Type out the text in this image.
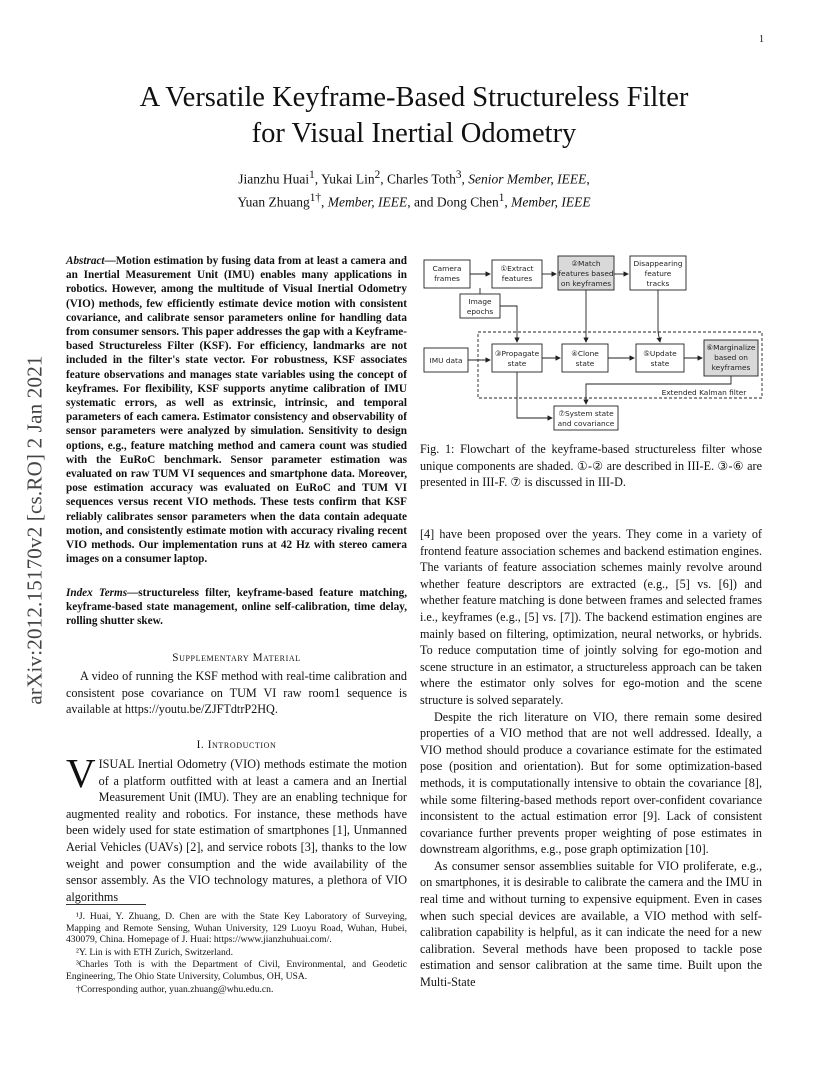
1
arXiv:2012.15170v2 [cs.RO] 2 Jan 2021
A Versatile Keyframe-Based Structureless Filter
for Visual Inertial Odometry
Jianzhu Huai$^1$, Yukai Lin$^2$, Charles Toth$^3$, Senior Member, IEEE,
Yuan Zhuang$^{1\dagger}$, Member, IEEE, and Dong Chen$^1$, Member, IEEE
Abstract—Motion estimation by fusing data from at least a camera and an Inertial Measurement Unit (IMU) enables many applications in robotics. However, among the multitude of Visual Inertial Odometry (VIO) methods, few efficiently estimate device motion with consistent covariance, and calibrate sensor parameters online for handling data from consumer sensors. This paper addresses the gap with a Keyframe-based Structureless Filter (KSF). For efficiency, landmarks are not included in the filter's state vector. For robustness, KSF associates feature observations and manages state variables using the concept of keyframes. For flexibility, KSF supports anytime calibration of IMU systematic errors, as well as extrinsic, intrinsic, and temporal parameters of each camera. Estimator consistency and observability of sensor parameters were analyzed by simulation. Sensitivity to design options, e.g., feature matching method and camera count was studied with the EuRoC benchmark. Sensor parameter estimation was evaluated on raw TUM VI sequences and smartphone data. Moreover, pose estimation accuracy was evaluated on EuRoC and TUM VI sequences versus recent VIO methods. These tests confirm that KSF reliably calibrates sensor parameters when the data contain adequate motion, and consistently estimate motion with accuracy rivaling recent VIO methods. Our implementation runs at 42 Hz with stereo camera images on a consumer laptop.
Index Terms—structureless filter, keyframe-based feature matching, keyframe-based state management, online self-calibration, time delay, rolling shutter skew.
Supplementary Material
A video of running the KSF method with real-time calibration and consistent pose covariance on TUM VI raw room1 sequence is available at https://youtu.be/ZJFTdtrP2HQ.
I. Introduction
VISUAL Inertial Odometry (VIO) methods estimate the motion of a platform outfitted with at least a camera and an Inertial Measurement Unit (IMU). They are an enabling technique for augmented reality and robotics. For instance, these methods have been widely used for state estimation of smartphones [1], Unmanned Aerial Vehicles (UAVs) [2], and service robots [3], thanks to the low weight and power consumption and the wide availability of the sensor assembly. As the VIO technology matures, a plethora of VIO algorithms

¹J. Huai, Y. Zhuang, D. Chen are with the State Key Laboratory of Surveying, Mapping and Remote Sensing, Wuhan University, 129 Luoyu Road, Wuhan, Hubei, 430079, China. Homepage of J. Huai: https://www.jianzhuhuai.com/.

²Y. Lin is with ETH Zurich, Switzerland.

³Charles Toth is with the Department of Civil, Environmental, and Geodetic Engineering, The Ohio State University, Columbus, OH, USA.

†Corresponding author, yuan.zhuang@whu.edu.cn.

Camera
frames
①Extract
features
②Match
features based
on keyframes
Disappearing
feature
tracks
Image
epochs
IMU data
③Propagate
state
④Clone
state
⑤Update
state
⑥Marginalize
based on
keyframes
Extended Kalman filter
⑦System state
and covariance
Fig. 1: Flowchart of the keyframe-based structureless filter whose unique components are shaded. ①-② are described in III-E. ③-⑥ are presented in III-F. ⑦ is discussed in III-D.

[4] have been proposed over the years. They come in a variety of frontend feature association schemes and backend estimation engines. The variants of feature association schemes mainly revolve around whether feature descriptors are extracted (e.g., [5] vs. [6]) and whether feature matching is done between frames and selected frames i.e., keyframes (e.g., [5] vs. [7]). The backend estimation engines are mainly based on filtering, optimization, neural networks, or hybrids. To reduce computation time of jointly solving for ego-motion and scene structure in an estimator, a structureless approach can be taken where the estimator only solves for ego-motion and the scene structure is solved separately.

Despite the rich literature on VIO, there remain some desired properties of a VIO method that are not well addressed. Ideally, a VIO method should produce a covariance estimate for the estimated pose (position and orientation). But for some optimization-based methods, it is computationally intensive to obtain the covariance [8], while some filtering-based methods report over-confident covariance inconsistent to the actual estimation error [9]. Lack of consistent covariance further prevents proper weighting of pose estimates in downstream algorithms, e.g., pose graph optimization [10].

As consumer sensor assemblies suitable for VIO proliferate, e.g., on smartphones, it is desirable to calibrate the camera and the IMU in real time and without turning to expensive equipment. Even in cases when such special devices are available, a VIO method with self-calibration capability is helpful, as it can indicate the need for a new calibration. Several methods have been proposed to tackle pose estimation and sensor calibration at the same time. Built upon the Multi-State
